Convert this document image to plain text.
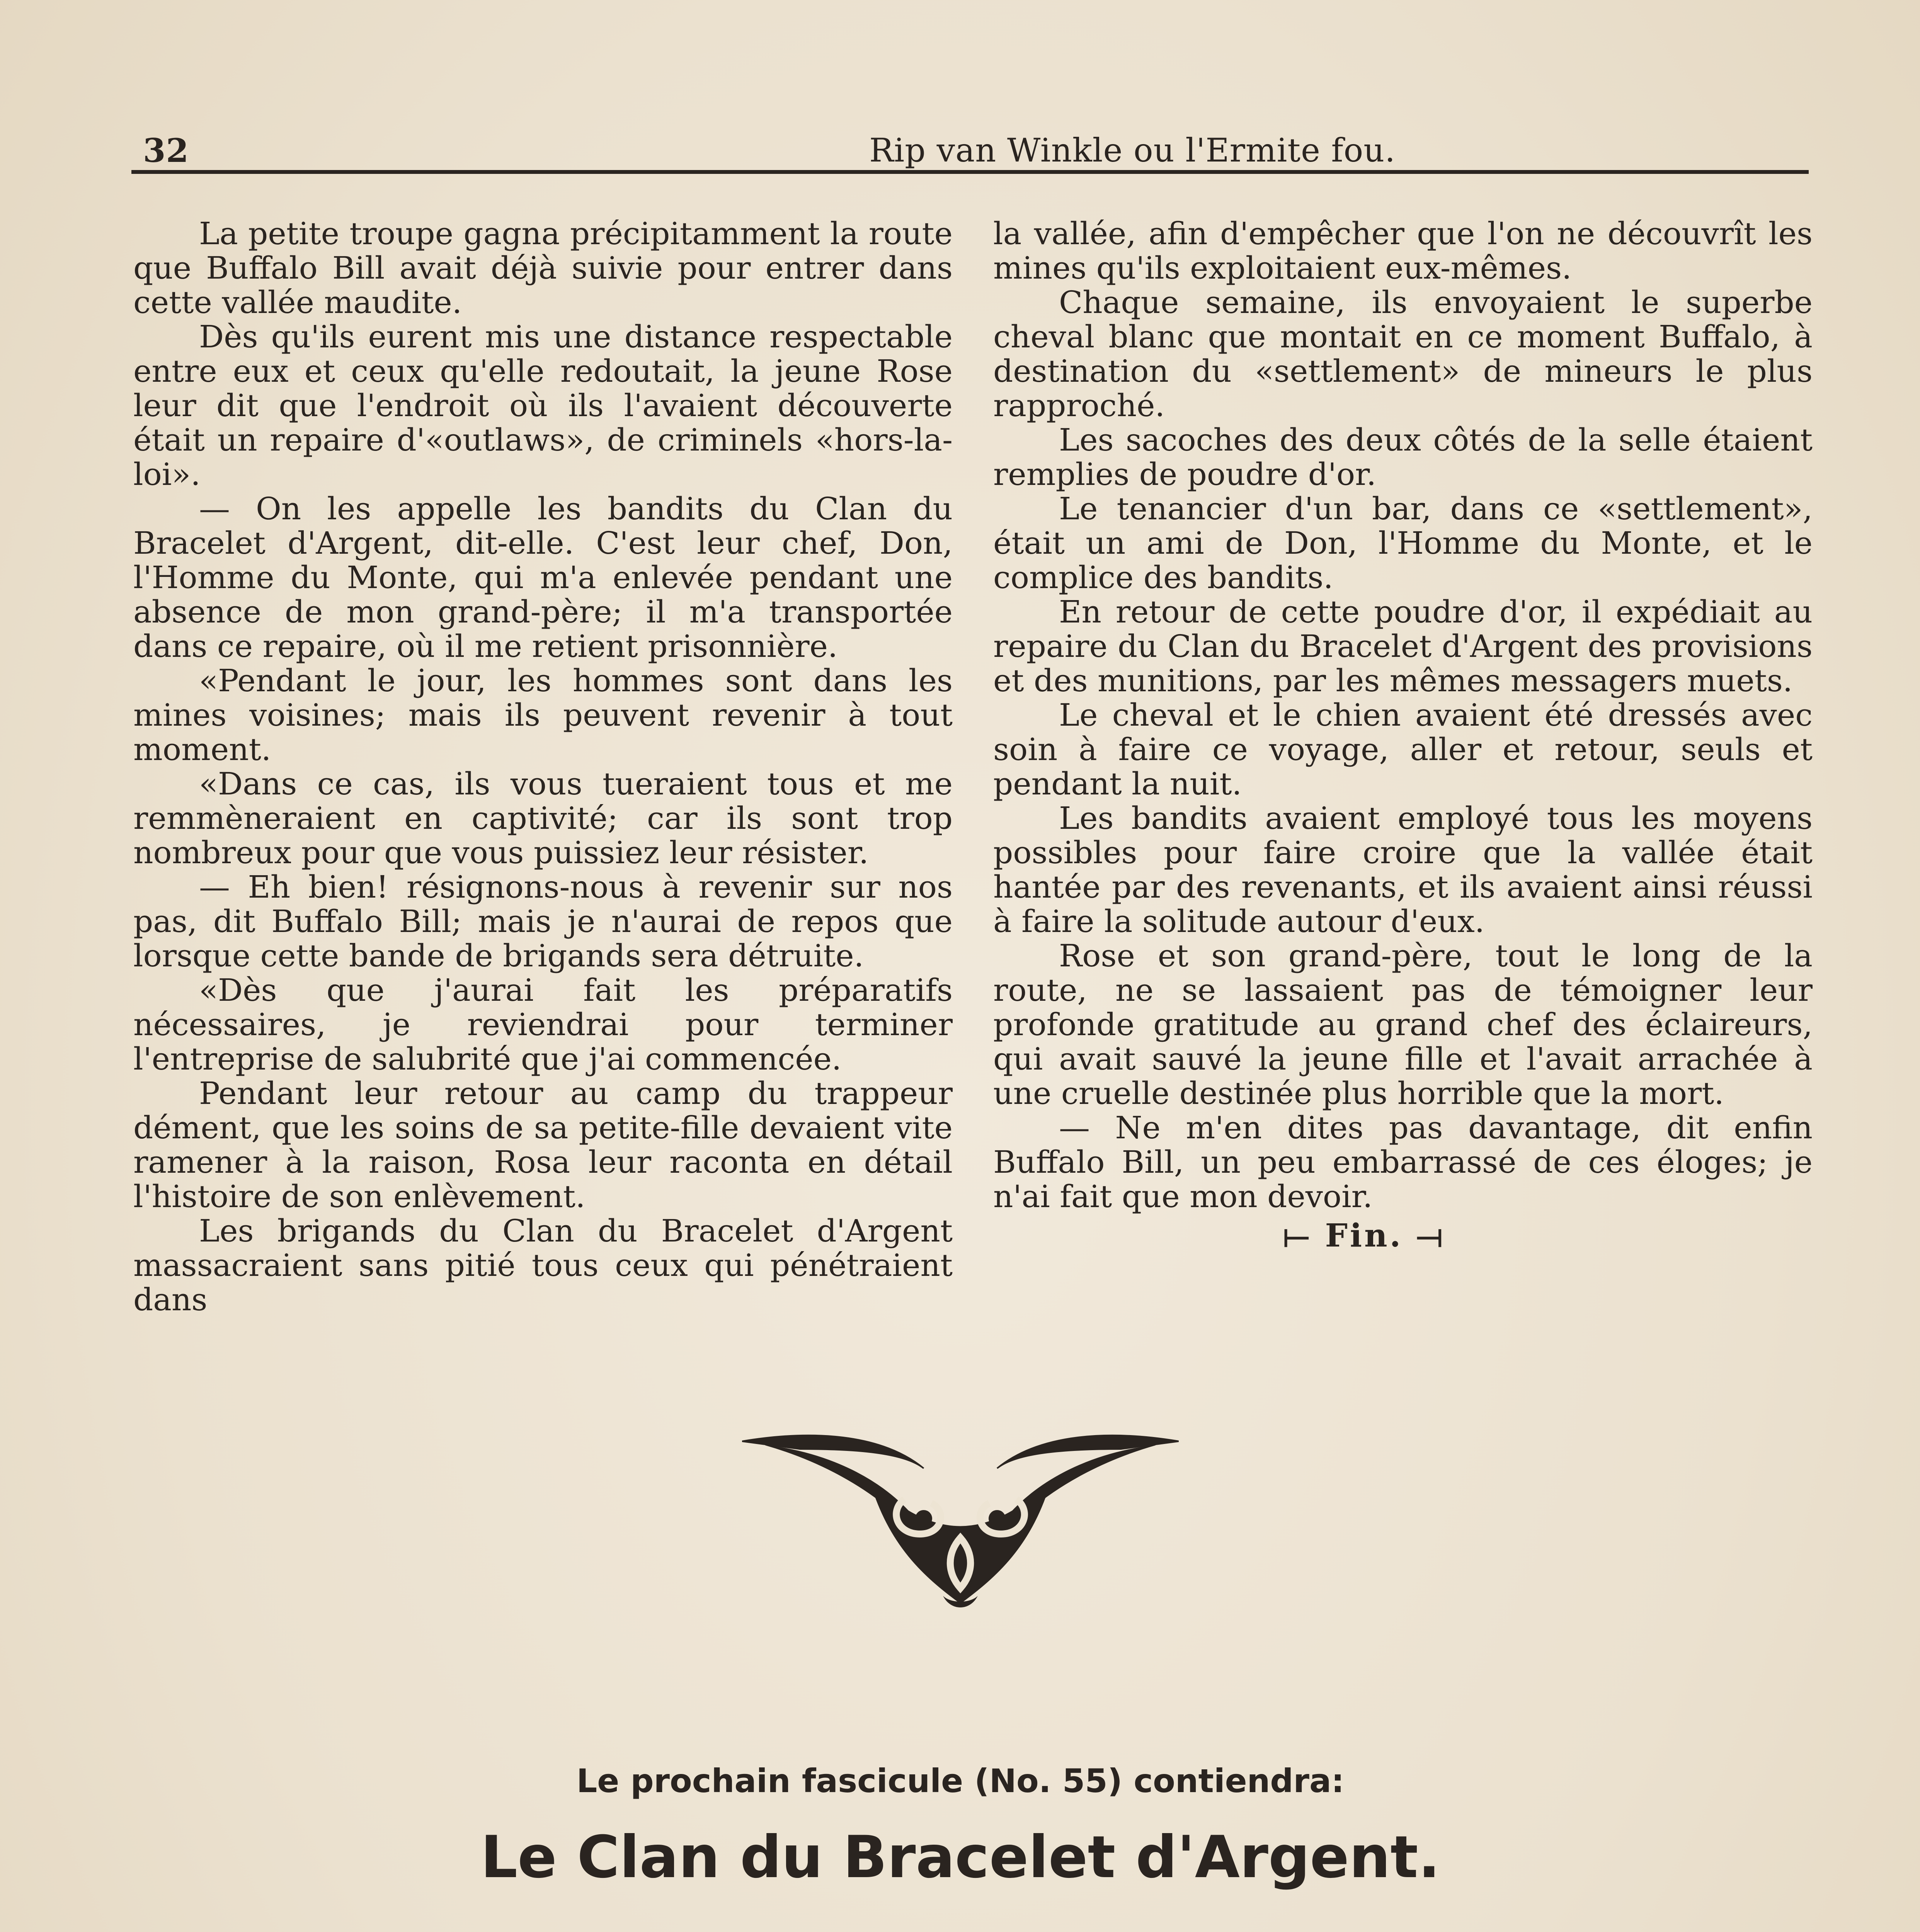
32	Rip van Winkle ou l'Ermite fou.

La petite troupe gagna précipitamment la route que Buffalo Bill avait déjà suivie pour entrer dans cette vallée maudite.

Dès qu'ils eurent mis une distance respectable entre eux et ceux qu'elle redoutait, la jeune Rose leur dit que l'endroit où ils l'avaient découverte était un repaire d'«outlaws», de criminels «hors-la-loi».

— On les appelle les bandits du Clan du Bracelet d'Argent, dit-elle. C'est leur chef, Don, l'Homme du Monte, qui m'a enlevée pendant une absence de mon grand-père; il m'a transportée dans ce repaire, où il me retient prisonnière.

«Pendant le jour, les hommes sont dans les mines voisines; mais ils peuvent revenir à tout moment.

«Dans ce cas, ils vous tueraient tous et me remmèneraient en captivité; car ils sont trop nombreux pour que vous puissiez leur résister.

— Eh bien! résignons-nous à revenir sur nos pas, dit Buffalo Bill; mais je n'aurai de repos que lorsque cette bande de brigands sera détruite.

«Dès que j'aurai fait les préparatifs nécessaires, je reviendrai pour terminer l'entreprise de salubrité que j'ai commencée.

Pendant leur retour au camp du trappeur dément, que les soins de sa petite-fille devaient vite ramener à la raison, Rosa leur raconta en détail l'histoire de son enlèvement.

Les brigands du Clan du Bracelet d'Argent massacraient sans pitié tous ceux qui pénétraient dans

la vallée, afin d'empêcher que l'on ne découvrît les mines qu'ils exploitaient eux-mêmes.

Chaque semaine, ils envoyaient le superbe cheval blanc que montait en ce moment Buffalo, à destination du «settlement» de mineurs le plus rapproché.

Les sacoches des deux côtés de la selle étaient remplies de poudre d'or.

Le tenancier d'un bar, dans ce «settlement», était un ami de Don, l'Homme du Monte, et le complice des bandits.

En retour de cette poudre d'or, il expédiait au repaire du Clan du Bracelet d'Argent des provisions et des munitions, par les mêmes messagers muets.

Le cheval et le chien avaient été dressés avec soin à faire ce voyage, aller et retour, seuls et pendant la nuit.

Les bandits avaient employé tous les moyens possibles pour faire croire que la vallée était hantée par des revenants, et ils avaient ainsi réussi à faire la solitude autour d'eux.

Rose et son grand-père, tout le long de la route, ne se lassaient pas de témoigner leur profonde gratitude au grand chef des éclaireurs, qui avait sauvé la jeune fille et l'avait arrachée à une cruelle destinée plus horrible que la mort.

— Ne m'en dites pas davantage, dit enfin Buffalo Bill, un peu embarrassé de ces éloges; je n'ai fait que mon devoir.

⟝ Fin. ⟞
Le prochain fascicule (No. 55) contiendra:
Le Clan du Bracelet d'Argent.
